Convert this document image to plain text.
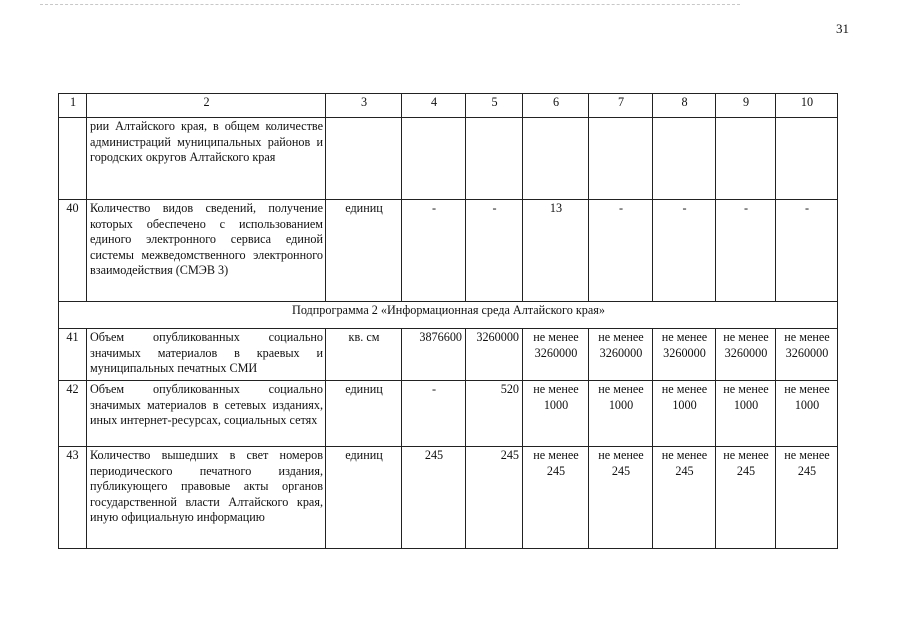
31
1	2	3	4	5	6	7	8	9	10
	рии Алтайского края, в общем количестве администраций муниципальных районов и городских округов Алтайского края								
40	Количество видов сведений, получение которых обеспечено с использованием единого электронного сервиса единой системы межведомственного электронного взаимодействия (СМЭВ 3)	единиц	-	-	13	-	-	-	-
Подпрограмма 2 «Информационная среда Алтайского края»									
41	Объем опубликованных социально значимых материалов в краевых и муниципальных печатных СМИ	кв. см	3876600	3260000	не менее 3260000	не менее 3260000	не менее 3260000	не менее 3260000	не менее 3260000
42	Объем опубликованных социально значимых материалов в сетевых изданиях, иных интернет-ресурсах, социальных сетях	единиц	-	520	не менее 1000	не менее 1000	не менее 1000	не менее 1000	не менее 1000
43	Количество вышедших в свет номеров периодического печатного издания, публикующего правовые акты органов государственной власти Алтайского края, иную официальную информацию	единиц	245	245	не менее 245	не менее 245	не менее 245	не менее 245	не менее 245
